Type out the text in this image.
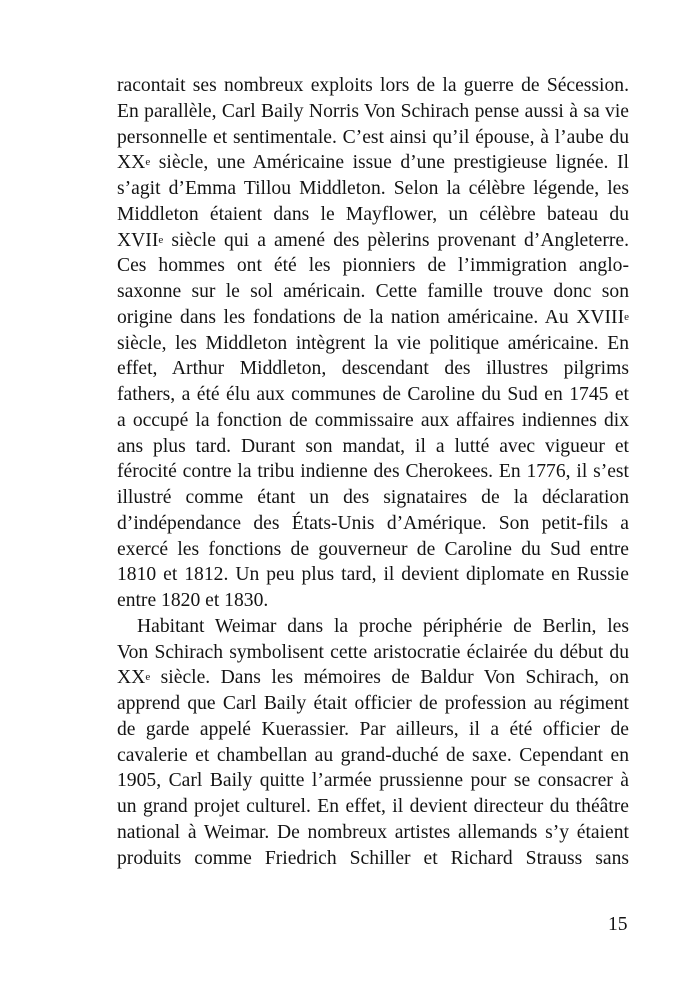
racontait ses nombreux exploits lors de la guerre de Sécession.
En parallèle, Carl Baily Norris Von Schirach pense aussi à sa vie
personnelle et sentimentale. C’est ainsi qu’il épouse, à l’aube du
XXe siècle, une Américaine issue d’une prestigieuse lignée. Il
s’agit d’Emma Tillou Middleton. Selon la célèbre légende, les
Middleton étaient dans le Mayflower, un célèbre bateau du
XVIIe siècle qui a amené des pèlerins provenant d’Angleterre.
Ces hommes ont été les pionniers de l’immigration anglo-
saxonne sur le sol américain. Cette famille trouve donc son
origine dans les fondations de la nation américaine. Au XVIIIe
siècle, les Middleton intègrent la vie politique américaine. En
effet, Arthur Middleton, descendant des illustres pilgrims
fathers, a été élu aux communes de Caroline du Sud en 1745 et
a occupé la fonction de commissaire aux affaires indiennes dix
ans plus tard. Durant son mandat, il a lutté avec vigueur et
férocité contre la tribu indienne des Cherokees. En 1776, il s’est
illustré comme étant un des signataires de la déclaration
d’indépendance des États-Unis d’Amérique. Son petit-fils a
exercé les fonctions de gouverneur de Caroline du Sud entre
1810 et 1812. Un peu plus tard, il devient diplomate en Russie
entre 1820 et 1830.

Habitant Weimar dans la proche périphérie de Berlin, les
Von Schirach symbolisent cette aristocratie éclairée du début du
XXe siècle. Dans les mémoires de Baldur Von Schirach, on
apprend que Carl Baily était officier de profession au régiment
de garde appelé Kuerassier. Par ailleurs, il a été officier de
cavalerie et chambellan au grand-duché de saxe. Cependant en
1905, Carl Baily quitte l’armée prussienne pour se consacrer à
un grand projet culturel. En effet, il devient directeur du théâtre
national à Weimar. De nombreux artistes allemands s’y étaient
produits comme Friedrich Schiller et Richard Strauss sans

15
